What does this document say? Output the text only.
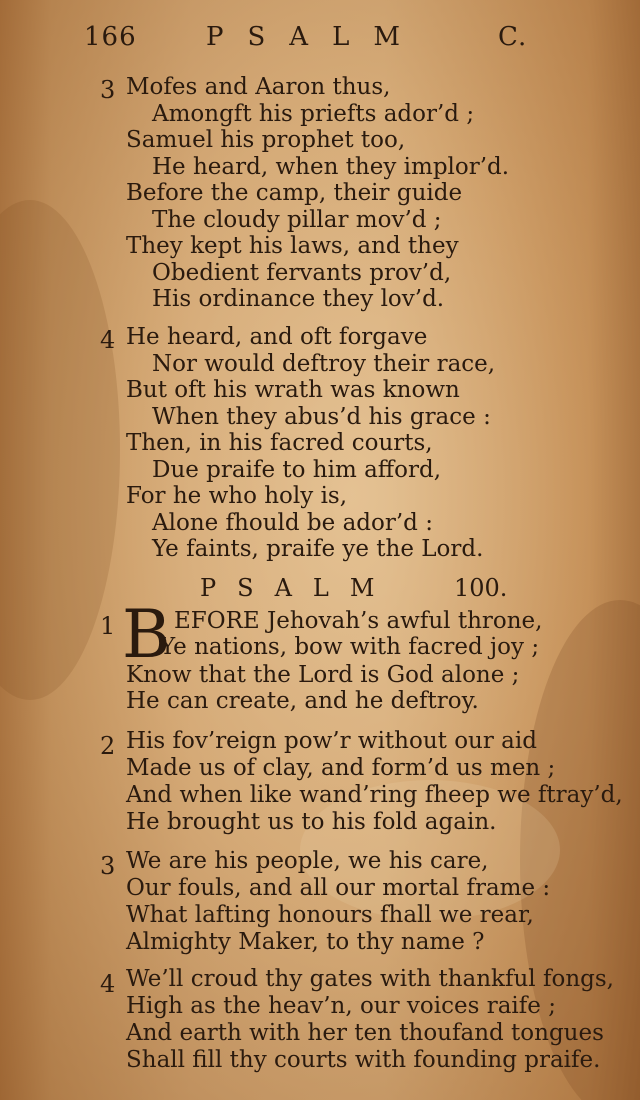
166	PSALM	C.
3 Mofes and Aaron thus,
Amongft his priefts ador’d ;
Samuel his prophet too,
He heard, when they implor’d.
Before the camp, their guide
The cloudy pillar mov’d ;
They kept his laws, and they
Obedient fervants prov’d,
His ordinance they lov’d.
4 He heard, and oft forgave
Nor would deftroy their race,
But oft his wrath was known
When they abus’d his grace :
Then, in his facred courts,
Due praife to him afford,
For he who holy is,
Alone fhould be ador’d :
Ye faints, praife ye the Lord.
PSALM 100.
B
1	EFORE Jehovah’s awful throne,
Ye nations, bow with facred joy ;
Know that the Lord is God alone ;
He can create, and he deftroy.
2 His fov’reign pow’r without our aid
Made us of clay, and form’d us men ;
And when like wand’ring fheep we ftray’d,
He brought us to his fold again.
3 We are his people, we his care,
Our fouls, and all our mortal frame :
What lafting honours fhall we rear,
Almighty Maker, to thy name ?
4 We’ll croud thy gates with thankful fongs,
High as the heav’n, our voices raife ;
And earth with her ten thoufand tongues
Shall fill thy courts with founding praife.
